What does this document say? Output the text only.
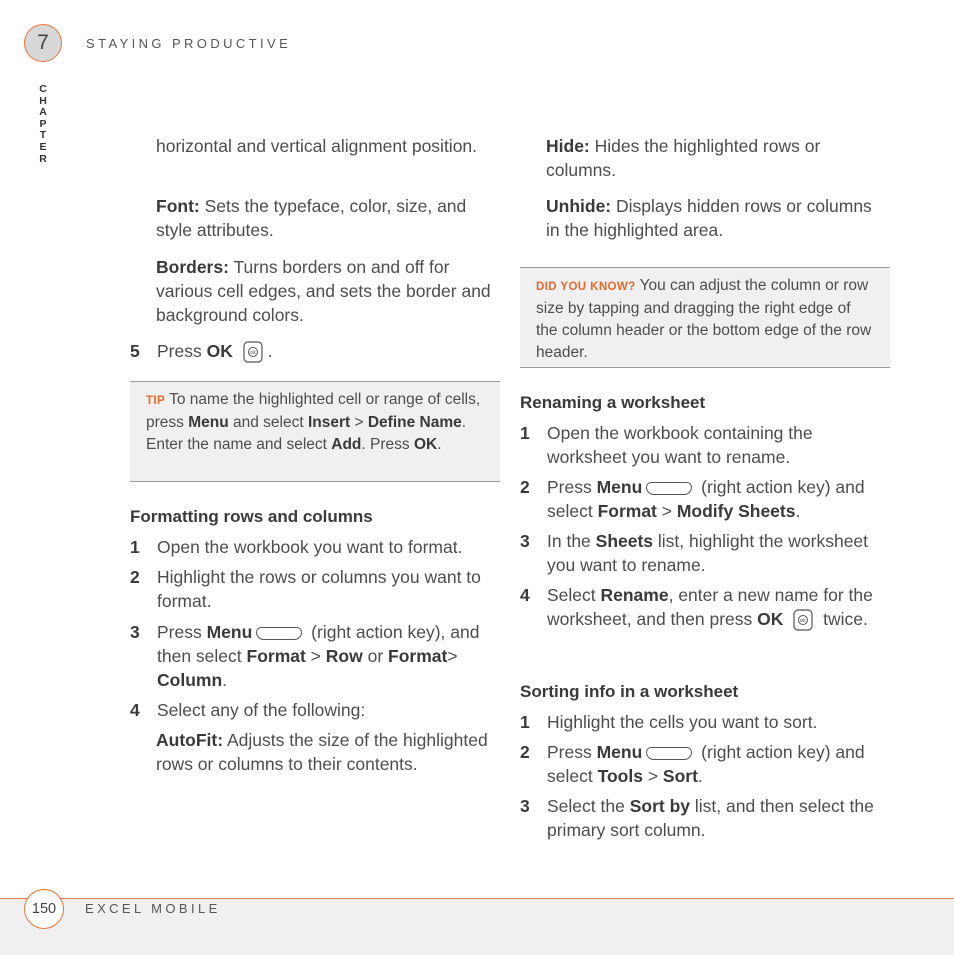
7	STAYING PRODUCTIVE
C
H
A
P
T
E
R

horizontal and vertical alignment position.

Font: Sets the typeface, color, size, and style attributes.

Borders: Turns borders on and off for various cell edges, and sets the border and background colors.

5 Press OK	ok .

TIP To name the highlighted cell or range of cells, press Menu and select Insert > Define Name. Enter the name and select Add. Press OK.

Formatting rows and columns
1 Open the workbook you want to format.

2 Highlight the rows or columns you want to format.

3 Press Menu	(right action key), and then select Format > Row or Format> Column.

4 Select any of the following:

AutoFit: Adjusts the size of the highlighted rows or columns to their contents.

Hide: Hides the highlighted rows or columns.

Unhide: Displays hidden rows or columns in the highlighted area.

DID YOU KNOW? You can adjust the column or row size by tapping and dragging the right edge of the column header or the bottom edge of the row header.

Renaming a worksheet
1 Open the workbook containing the worksheet you want to rename.

2 Press Menu	(right action key) and select Format > Modify Sheets.

3 In the Sheets list, highlight the worksheet you want to rename.

4 Select Rename, enter a new name for the worksheet, and then press OK	ok twice.

Sorting info in a worksheet
1 Highlight the cells you want to sort.

2 Press Menu	(right action key) and select Tools > Sort.

3 Select the Sort by list, and then select the primary sort column.

150	EXCEL MOBILE
